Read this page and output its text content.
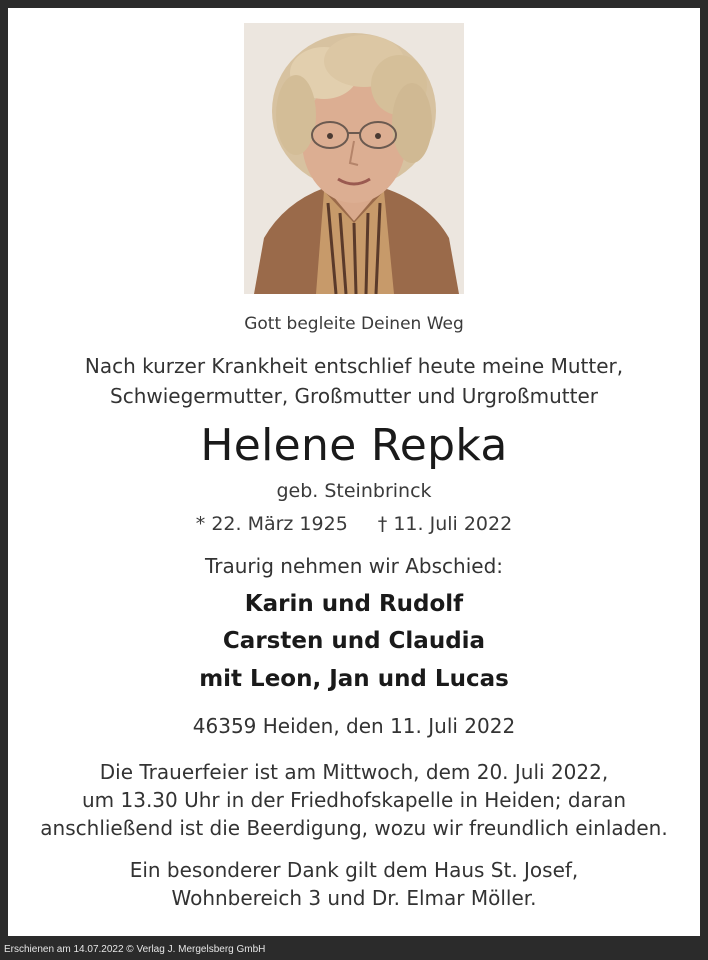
Gott begleite Deinen Weg

Nach kurzer Krankheit entschlief heute meine Mutter,

Schwiegermutter, Großmutter und Urgroßmutter

Helene Repka

geb. Steinbrinck

* 22. März 1925 † 11. Juli 2022

Traurig nehmen wir Abschied:

Karin und Rudolf

Carsten und Claudia

mit Leon, Jan und Lucas

46359 Heiden, den 11. Juli 2022

Die Trauerfeier ist am Mittwoch, dem 20. Juli 2022,

um 13.30 Uhr in der Friedhofskapelle in Heiden; daran

anschließend ist die Beerdigung, wozu wir freundlich einladen.

Ein besonderer Dank gilt dem Haus St. Josef,

Wohnbereich 3 und Dr. Elmar Möller.

Erschienen am 14.07.2022 © Verlag J. Mergelsberg GmbH
